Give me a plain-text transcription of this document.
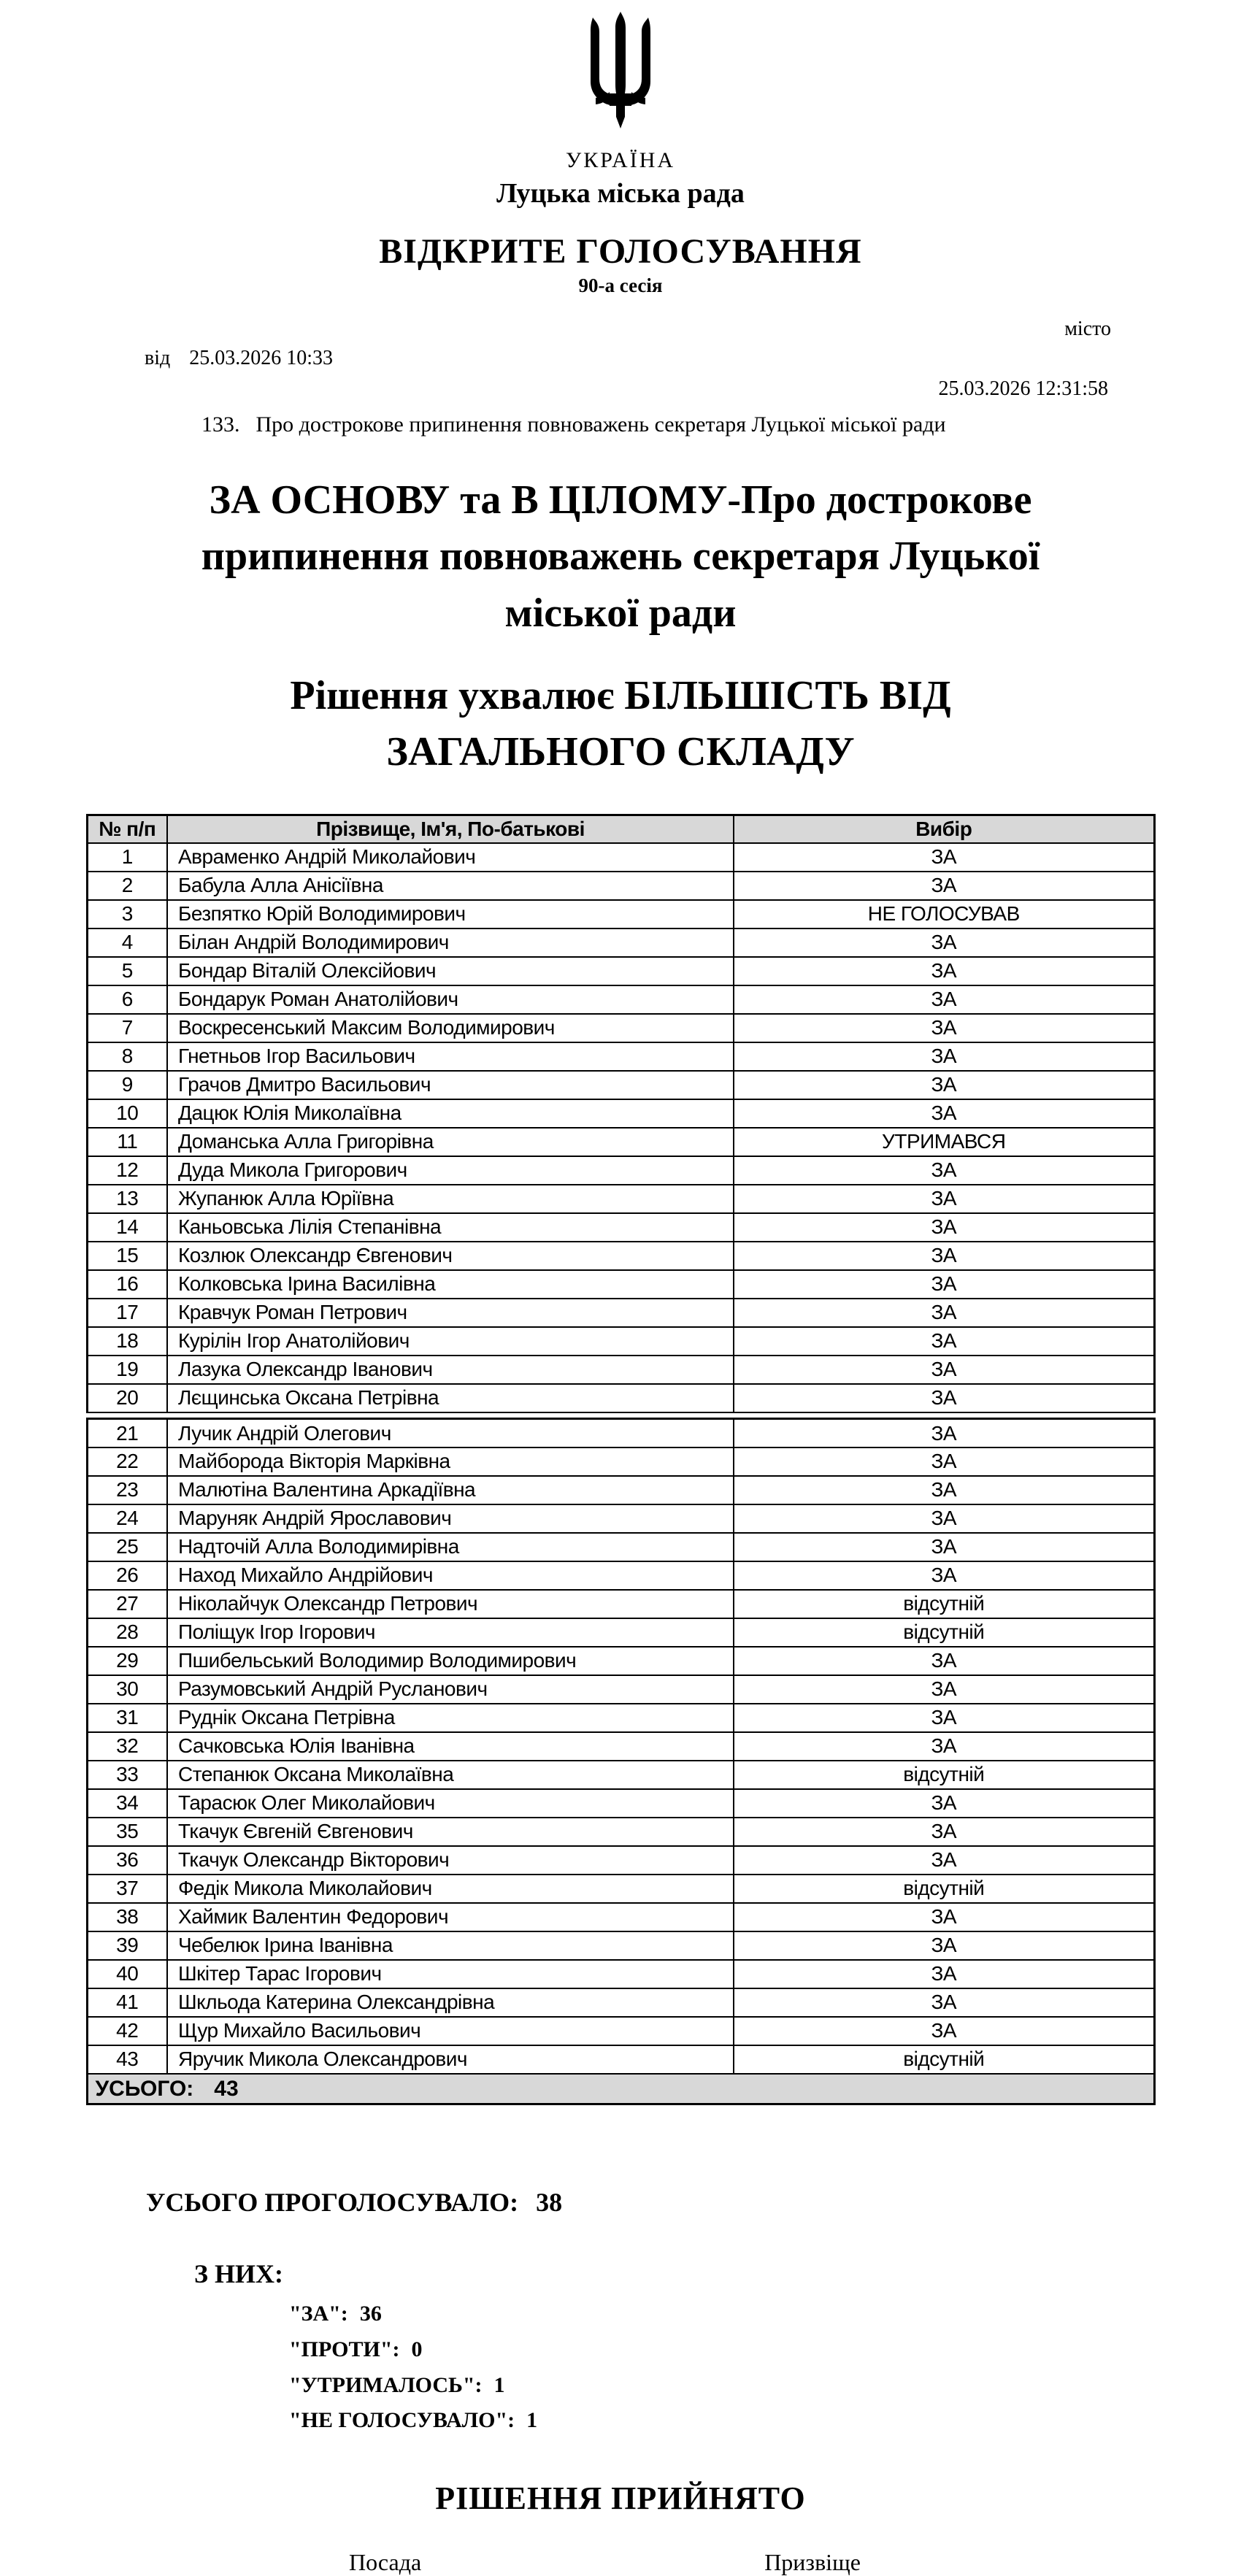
УКРАЇНА
Луцька міська рада
ВІДКРИТЕ ГОЛОСУВАННЯ
90-а сесія
місто
від 25.03.2026 10:33
25.03.2026 12:31:58
133. Про дострокове припинення повноважень секретаря Луцької міської ради
ЗА ОСНОВУ та В ЦІЛОМУ-Про дострокове припинення повноважень секретаря Луцької міської ради
Рішення ухвалює БІЛЬШІСТЬ ВІД ЗАГАЛЬНОГО СКЛАДУ
№ п/п	Прізвище, Ім'я, По-батькові	Вибір
1	Авраменко Андрій Миколайович	ЗА
2	Бабула Алла Анісіївна	ЗА
3	Безпятко Юрій Володимирович	НЕ ГОЛОСУВАВ
4	Білан Андрій Володимирович	ЗА
5	Бондар Віталій Олексійович	ЗА
6	Бондарук Роман Анатолійович	ЗА
7	Воскресенський Максим Володимирович	ЗА
8	Гнетньов Ігор Васильович	ЗА
9	Грачов Дмитро Васильович	ЗА
10	Дацюк Юлія Миколаївна	ЗА
11	Доманська Алла Григорівна	УТРИМАВСЯ
12	Дуда Микола Григорович	ЗА
13	Жупанюк Алла Юріївна	ЗА
14	Каньовська Лілія Степанівна	ЗА
15	Козлюк Олександр Євгенович	ЗА
16	Колковська Ірина Василівна	ЗА
17	Кравчук Роман Петрович	ЗА
18	Курілін Ігор Анатолійович	ЗА
19	Лазука Олександр Іванович	ЗА
20	Лєщинська Оксана Петрівна	ЗА

21	Лучик Андрій Олегович	ЗА
22	Майборода Вікторія Марківна	ЗА
23	Малютіна Валентина Аркадіївна	ЗА
24	Маруняк Андрій Ярославович	ЗА
25	Надточій Алла Володимирівна	ЗА
26	Наход Михайло Андрійович	ЗА
27	Ніколайчук Олександр Петрович	відсутній
28	Поліщук Ігор Ігорович	відсутній
29	Пшибельський Володимир Володимирович	ЗА
30	Разумовський Андрій Русланович	ЗА
31	Руднік Оксана Петрівна	ЗА
32	Сачковська Юлія Іванівна	ЗА
33	Степанюк Оксана Миколаївна	відсутній
34	Тарасюк Олег Миколайович	ЗА
35	Ткачук Євгеній Євгенович	ЗА
36	Ткачук Олександр Вікторович	ЗА
37	Федік Микола Миколайович	відсутній
38	Хаймик Валентин Федорович	ЗА
39	Чебелюк Ірина Іванівна	ЗА
40	Шкітер Тарас Ігорович	ЗА
41	Шкльода Катерина Олександрівна	ЗА
42	Щур Михайло Васильович	ЗА
43	Яручик Микола Олександрович	відсутній
УСЬОГО: 43		
УСЬОГО ПРОГОЛОСУВАЛО: 38
З НИХ:
"ЗА": 36
"ПРОТИ": 0
"УТРИМАЛОСЬ": 1
"НЕ ГОЛОСУВАЛО": 1
РІШЕННЯ ПРИЙНЯТО
Посада	Призвіще
